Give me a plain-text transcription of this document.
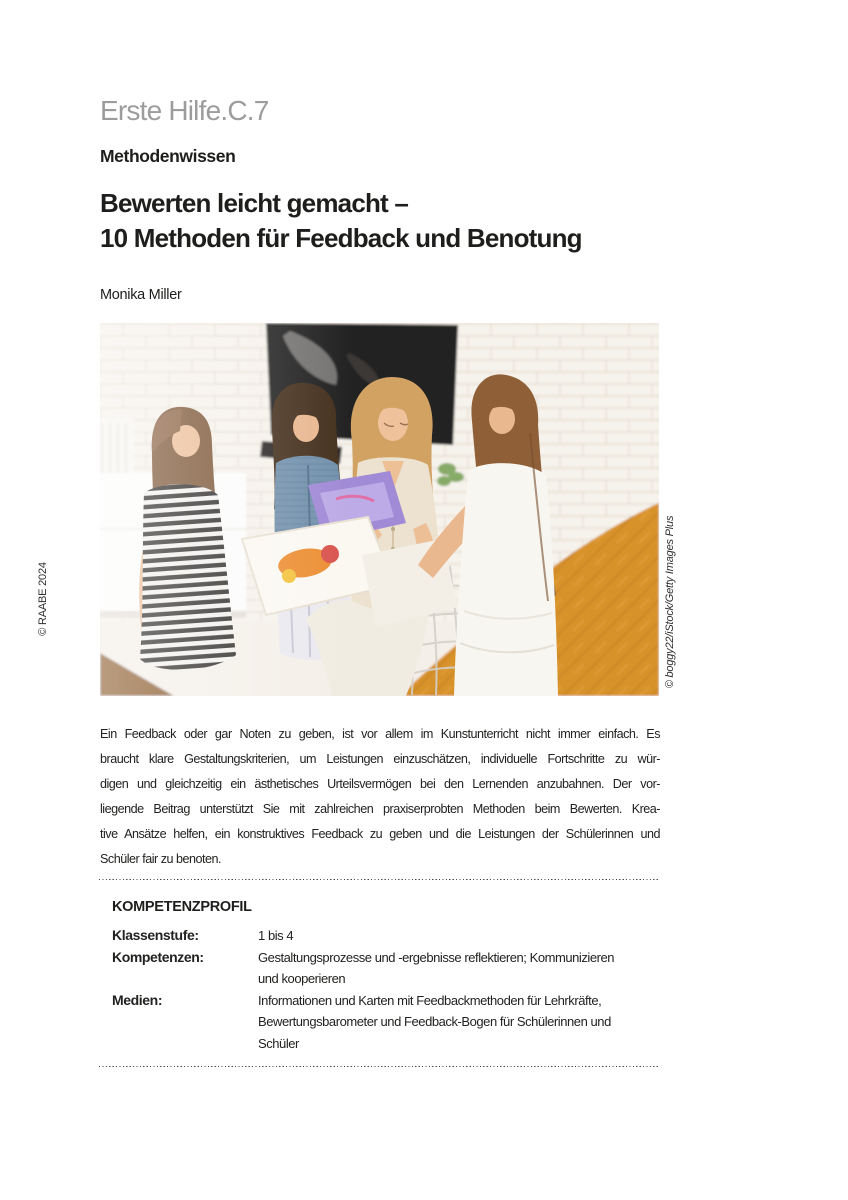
Erste Hilfe.C.7
Methodenwissen
Bewerten leicht gemacht –
10 Methoden für Feedback und Benotung
Monika Miller
© boggy22/iStock/Getty Images Plus
© RAABE 2024
Ein Feedback oder gar Noten zu geben, ist vor allem im Kunstunterricht nicht immer einfach. Es
braucht klare Gestaltungskriterien, um Leistungen einzuschätzen, individuelle Fortschritte zu wür-
digen und gleichzeitig ein ästhetisches Urteilsvermögen bei den Lernenden anzubahnen. Der vor-
liegende Beitrag unterstützt Sie mit zahlreichen praxiserprobten Methoden beim Bewerten. Krea-
tive Ansätze helfen, ein konstruktives Feedback zu geben und die Leistungen der Schülerinnen und
Schüler fair zu benoten.
KOMPETENZPROFIL
Klassenstufe:	1 bis 4
Kompetenzen:	Gestaltungsprozesse und -ergebnisse reflektieren; Kommunizieren
und kooperieren
Medien:	Informationen und Karten mit Feedbackmethoden für Lehrkräfte,
Bewertungsbarometer und Feedback-Bogen für Schülerinnen und
Schüler
